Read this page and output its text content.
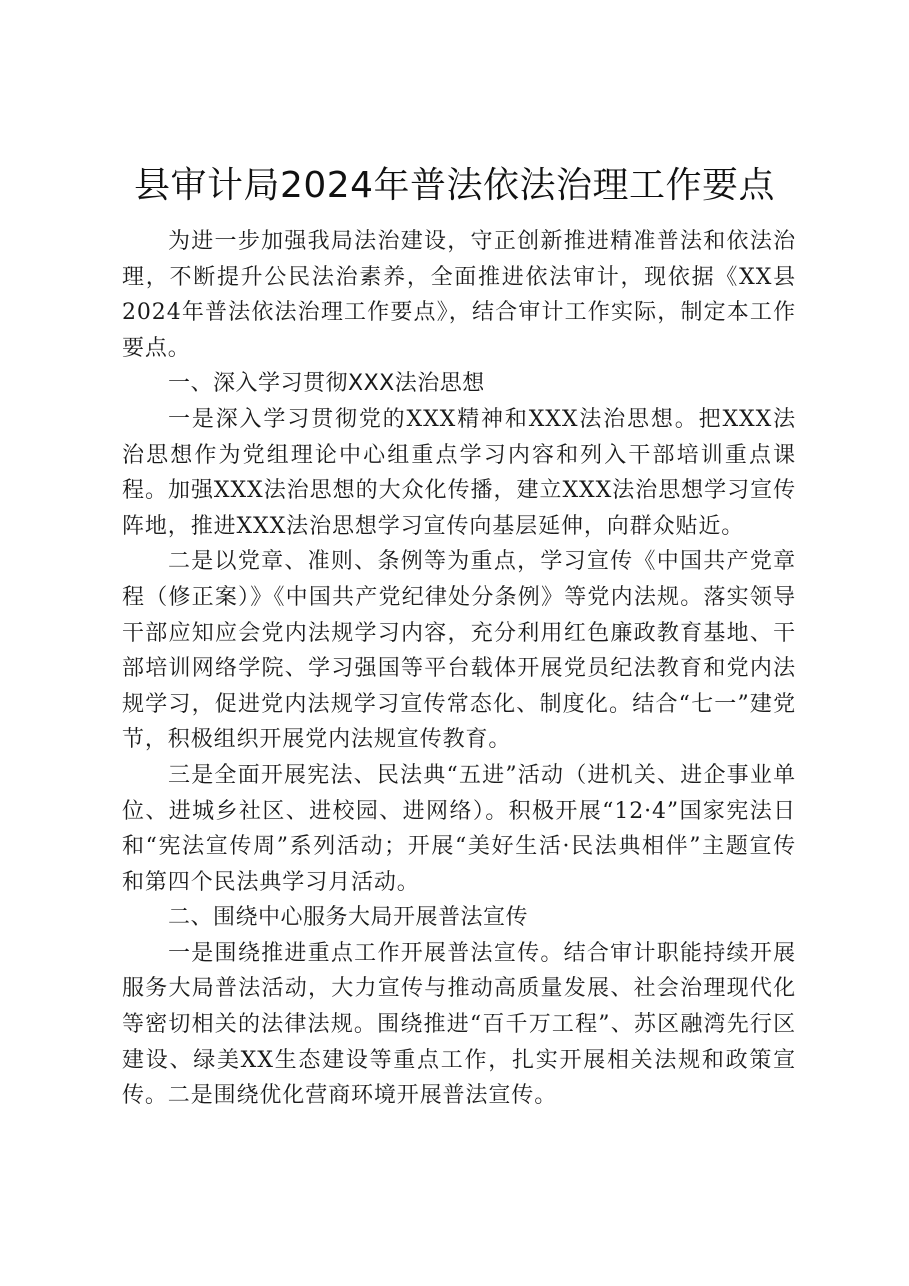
县审计局2024年普法依法治理工作要点

为进一步加强我局法治建设，守正创新推进精准普法和依法治理，不断提升公民法治素养，全面推进依法审计，现依据《XX县2024年普法依法治理工作要点》，结合审计工作实际，制定本工作要点。

一、深入学习贯彻XXX法治思想

一是深入学习贯彻党的XXX精神和XXX法治思想。把XXX法治思想作为党组理论中心组重点学习内容和列入干部培训重点课程。加强XXX法治思想的大众化传播，建立XXX法治思想学习宣传阵地，推进XXX法治思想学习宣传向基层延伸，向群众贴近。

二是以党章、准则、条例等为重点，学习宣传《中国共产党章程（修正案）》《中国共产党纪律处分条例》等党内法规。落实领导干部应知应会党内法规学习内容，充分利用红色廉政教育基地、干部培训网络学院、学习强国等平台载体开展党员纪法教育和党内法规学习，促进党内法规学习宣传常态化、制度化。结合“七一”建党节，积极组织开展党内法规宣传教育。

三是全面开展宪法、民法典“五进”活动（进机关、进企事业单位、进城乡社区、进校园、进网络）。积极开展“12·4”国家宪法日和“宪法宣传周”系列活动；开展“美好生活·民法典相伴”主题宣传和第四个民法典学习月活动。

二、围绕中心服务大局开展普法宣传

一是围绕推进重点工作开展普法宣传。结合审计职能持续开展服务大局普法活动，大力宣传与推动高质量发展、社会治理现代化等密切相关的法律法规。围绕推进“百千万工程”、苏区融湾先行区建设、绿美XX生态建设等重点工作，扎实开展相关法规和政策宣传。二是围绕优化营商环境开展普法宣传。
